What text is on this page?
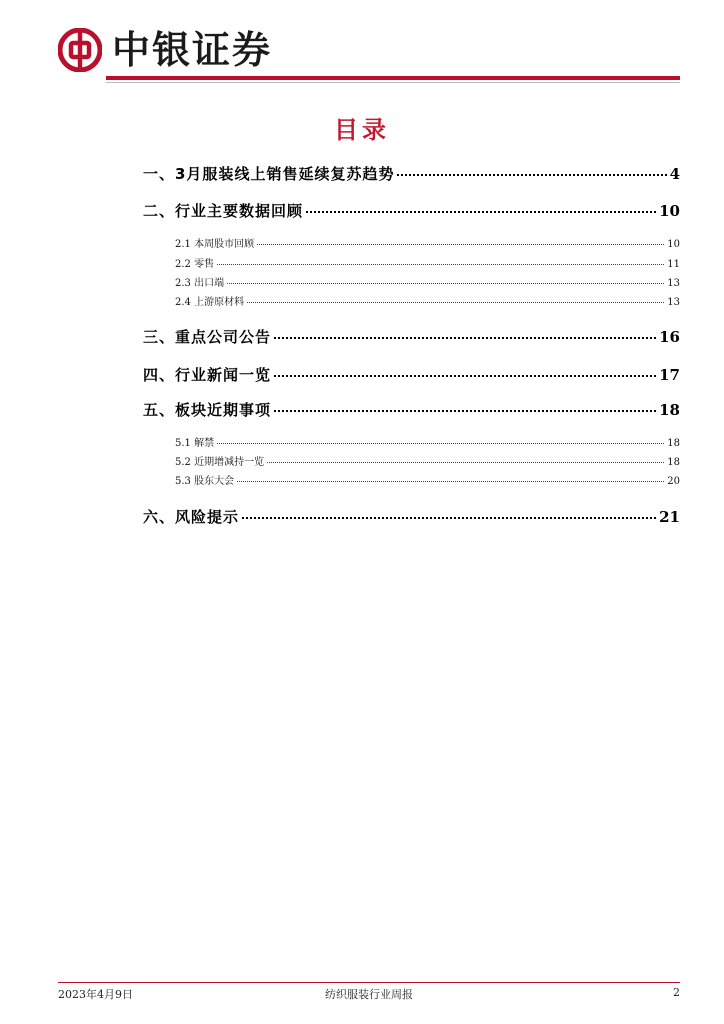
中银证券
目录
一、3月服装线上销售延续复苏趋势	4
二、行业主要数据回顾	10
2.1 本周股市回顾	10
2.2 零售	11
2.3 出口端	13
2.4 上游原材料	13
三、重点公司公告	16
四、行业新闻一览	17
五、板块近期事项	18
5.1 解禁	18
5.2 近期增减持一览	18
5.3 股东大会	20
六、风险提示	21
2023年4月9日	纺织服装行业周报	2
